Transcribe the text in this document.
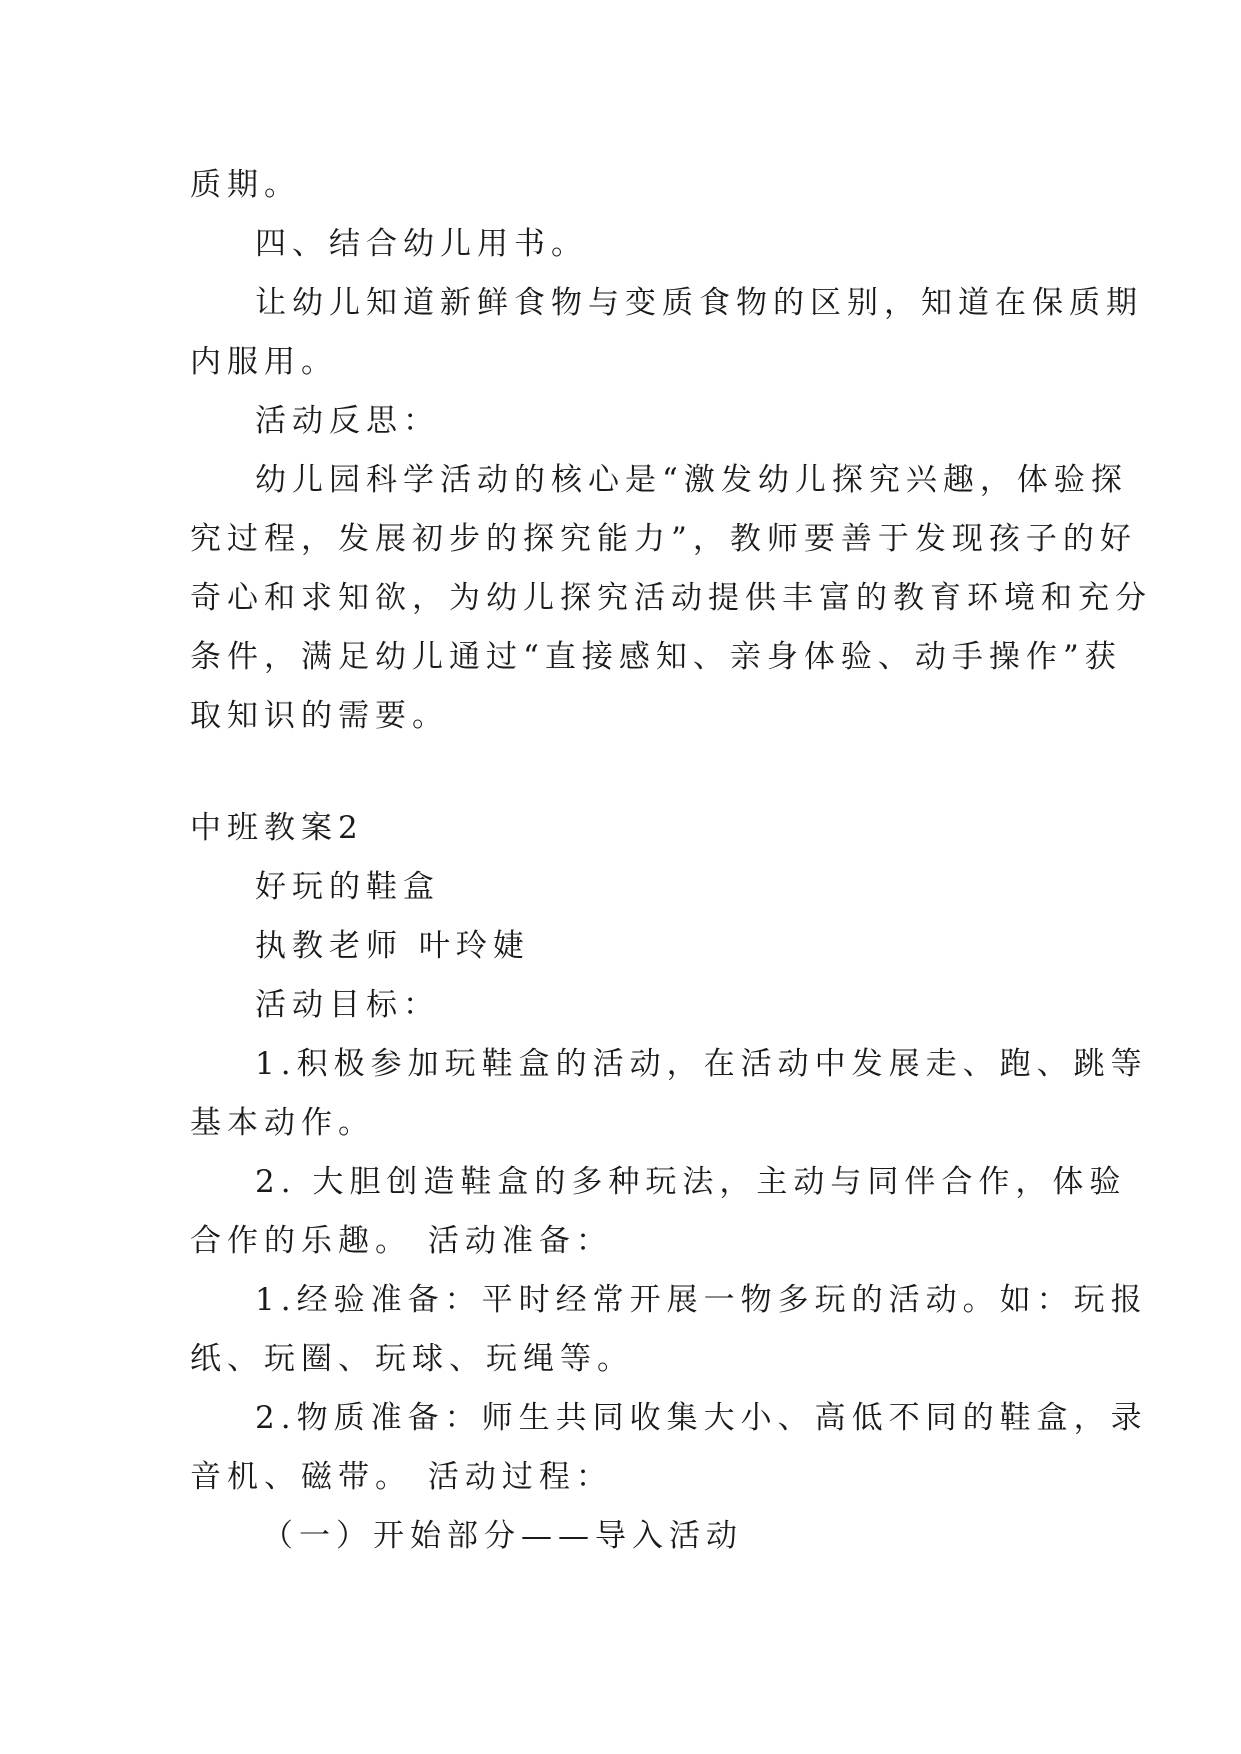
质期。
四、结合幼儿用书。
让幼儿知道新鲜食物与变质食物的区别，知道在保质期
内服用。
活动反思：
幼儿园科学活动的核心是“激发幼儿探究兴趣，体验探
究过程，发展初步的探究能力”，教师要善于发现孩子的好
奇心和求知欲，为幼儿探究活动提供丰富的教育环境和充分
条件，满足幼儿通过“直接感知、亲身体验、动手操作”获
取知识的需要。
中班教案2
好玩的鞋盒
执教老师 叶玲婕
活动目标：
1.积极参加玩鞋盒的活动，在活动中发展走、跑、跳等
基本动作。
2. 大胆创造鞋盒的多种玩法，主动与同伴合作，体验
合作的乐趣。 活动准备：
1.经验准备：平时经常开展一物多玩的活动。如：玩报
纸、玩圈、玩球、玩绳等。
2.物质准备：师生共同收集大小、高低不同的鞋盒，录
音机、磁带。 活动过程：
（一）开始部分——导入活动
